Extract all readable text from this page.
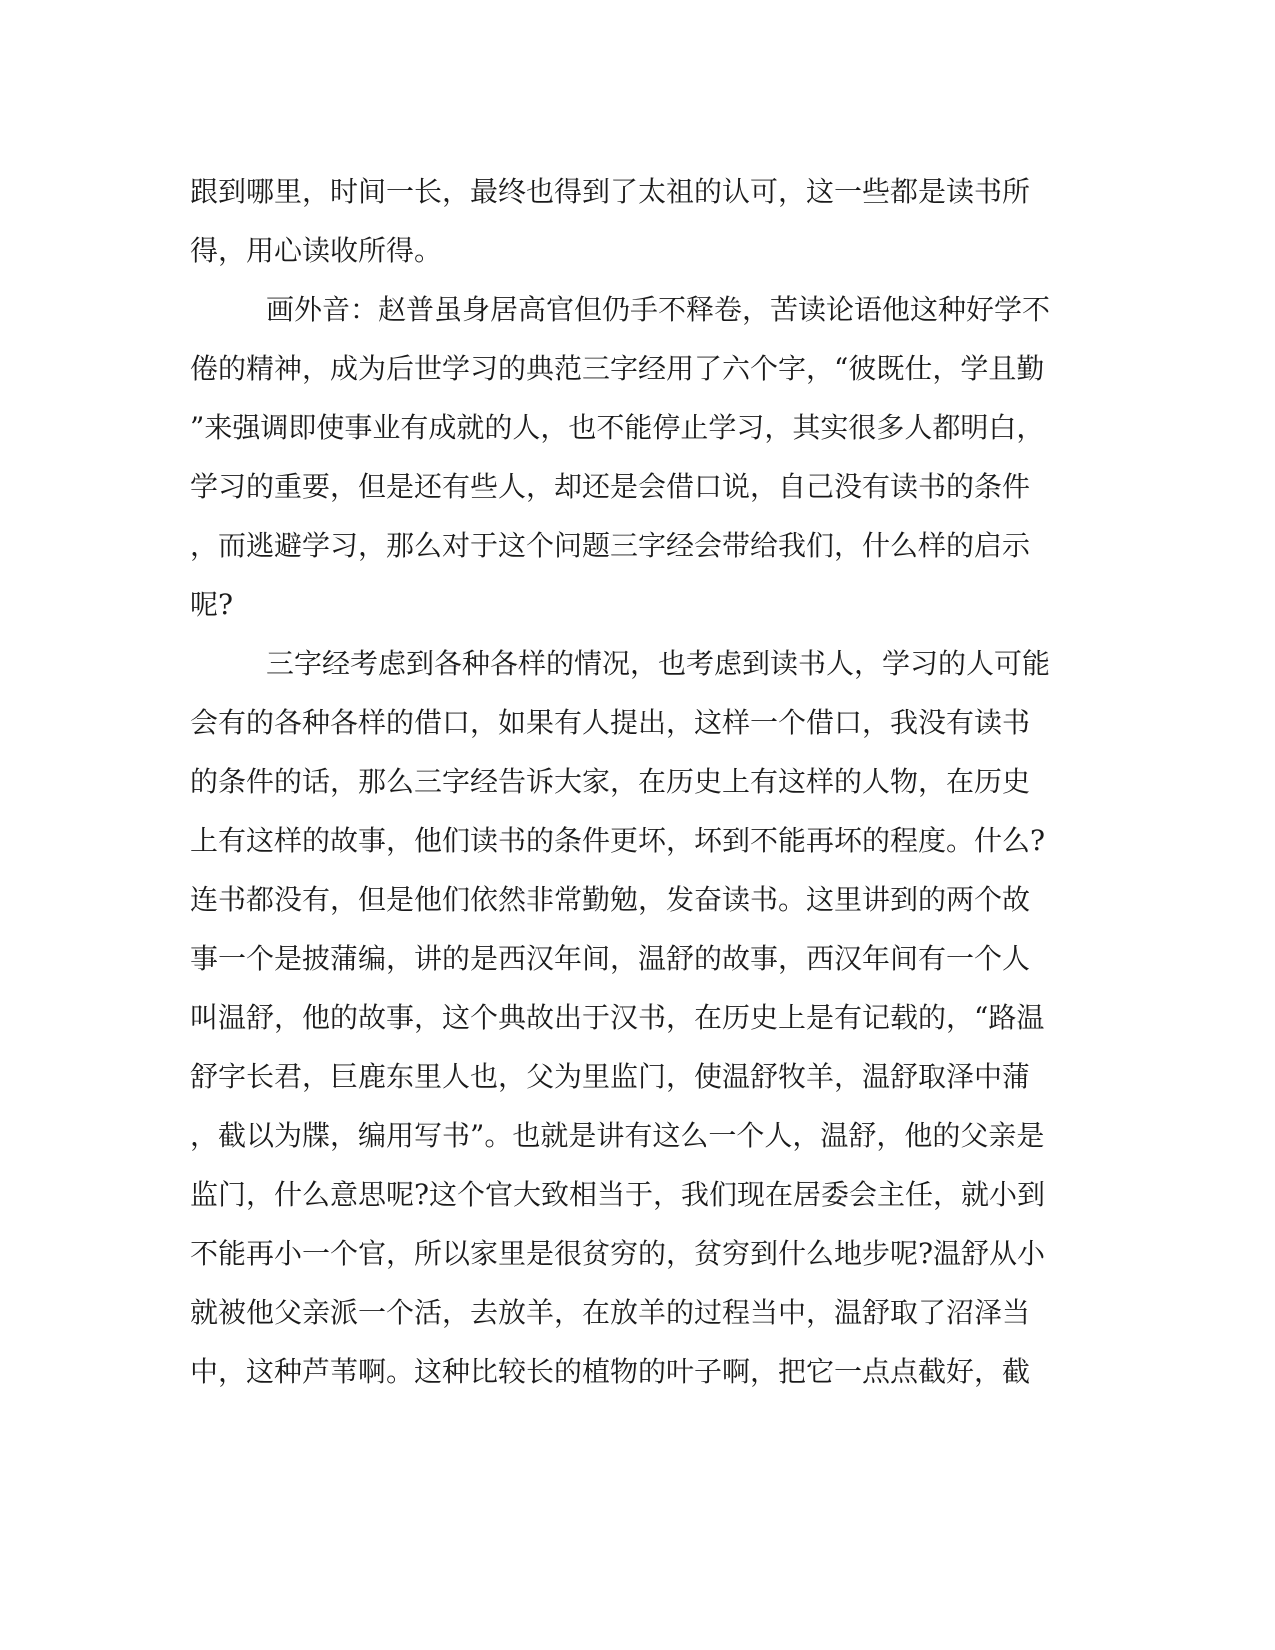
跟到哪里，时间一长，最终也得到了太祖的认可，这一些都是读书所
得，用心读收所得。
画外音：赵普虽身居高官但仍手不释卷，苦读论语他这种好学不
倦的精神，成为后世学习的典范三字经用了六个字，“彼既仕，学且勤
”来强调即使事业有成就的人，也不能停止学习，其实很多人都明白，
学习的重要，但是还有些人，却还是会借口说，自己没有读书的条件
，而逃避学习，那么对于这个问题三字经会带给我们，什么样的启示
呢?
三字经考虑到各种各样的情况，也考虑到读书人，学习的人可能
会有的各种各样的借口，如果有人提出，这样一个借口，我没有读书
的条件的话，那么三字经告诉大家，在历史上有这样的人物，在历史
上有这样的故事，他们读书的条件更坏，坏到不能再坏的程度。什么?
连书都没有，但是他们依然非常勤勉，发奋读书。这里讲到的两个故
事一个是披蒲编，讲的是西汉年间，温舒的故事，西汉年间有一个人
叫温舒，他的故事，这个典故出于汉书，在历史上是有记载的，“路温
舒字长君，巨鹿东里人也，父为里监门，使温舒牧羊，温舒取泽中蒲
，截以为牒，编用写书”。也就是讲有这么一个人，温舒，他的父亲是
监门，什么意思呢?这个官大致相当于，我们现在居委会主任，就小到
不能再小一个官，所以家里是很贫穷的，贫穷到什么地步呢?温舒从小
就被他父亲派一个活，去放羊，在放羊的过程当中，温舒取了沼泽当
中，这种芦苇啊。这种比较长的植物的叶子啊，把它一点点截好，截
